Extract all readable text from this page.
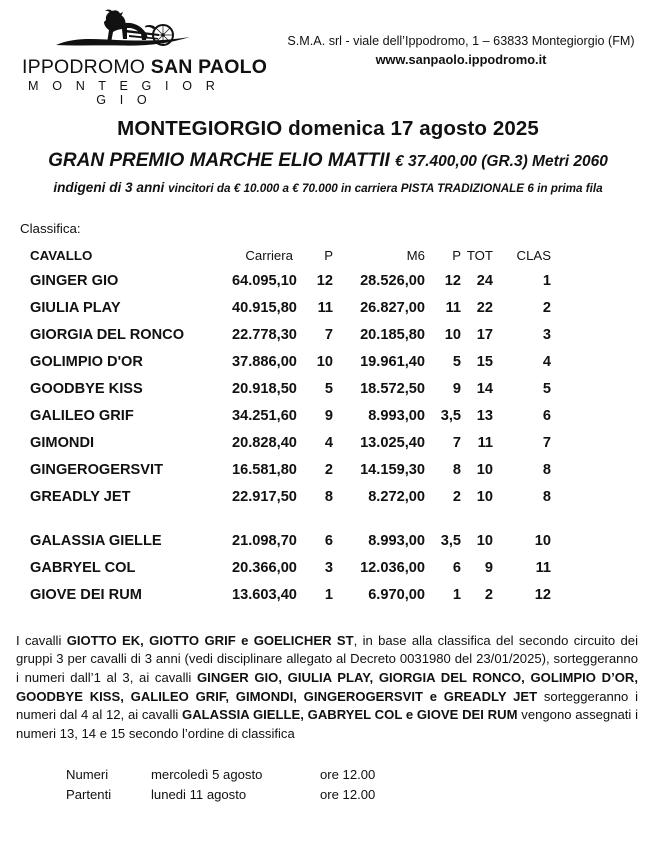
IPPODROMO SAN PAOLO
M O N T E G I O R G I O
S.M.A. srl - viale dell’Ippodromo, 1 – 63833 Montegiorgio (FM)
www.sanpaolo.ippodromo.it
MONTEGIORGIO domenica 17 agosto 2025
GRAN PREMIO MARCHE ELIO MATTII € 37.400,00 (GR.3) Metri 2060
indigeni di 3 anni vincitori da € 10.000 a € 70.000 in carriera PISTA TRADIZIONALE 6 in prima fila
Classifica:
CAVALLO	Carriera	P	M6	P	TOT	CLAS	
GINGER GIO	64.095,10	12	28.526,00	12	24	1	
GIULIA PLAY	40.915,80	11	26.827,00	11	22	2	
GIORGIA DEL RONCO	22.778,30	7	20.185,80	10	17	3	
GOLIMPIO D'OR	37.886,00	10	19.961,40	5	15	4	
GOODBYE KISS	20.918,50	5	18.572,50	9	14	5	
GALILEO GRIF	34.251,60	9	8.993,00	3,5	13	6	
GIMONDI	20.828,40	4	13.025,40	7	11	7	
GINGEROGERSVIT	16.581,80	2	14.159,30	8	10	8	
GREADLY JET	22.917,50	8	8.272,00	2	10	8	

GALASSIA GIELLE	21.098,70	6	8.993,00	3,5	10	10	
GABRYEL COL	20.366,00	3	12.036,00	6	9	11	
GIOVE DEI RUM	13.603,40	1	6.970,00	1	2	12	

I cavalli GIOTTO EK, GIOTTO GRIF e GOELICHER ST, in base alla classifica del secondo circuito dei gruppi 3 per cavalli di 3 anni (vedi disciplinare allegato al Decreto 0031980 del 23/01/2025), sorteggeranno i numeri dall’1 al 3, ai cavalli GINGER GIO, GIULIA PLAY, GIORGIA DEL RONCO, GOLIMPIO D’OR, GOODBYE KISS, GALILEO GRIF, GIMONDI, GINGEROGERSVIT e GREADLY JET sorteggeranno i numeri dal 4 al 12, ai cavalli GALASSIA GIELLE, GABRYEL COL e GIOVE DEI RUM vengono assegnati i numeri 13, 14 e 15 secondo l’ordine di classifica

Numeri	mercoledì 5 agosto	ore 12.00
Partenti	lunedi 11 agosto	ore 12.00
